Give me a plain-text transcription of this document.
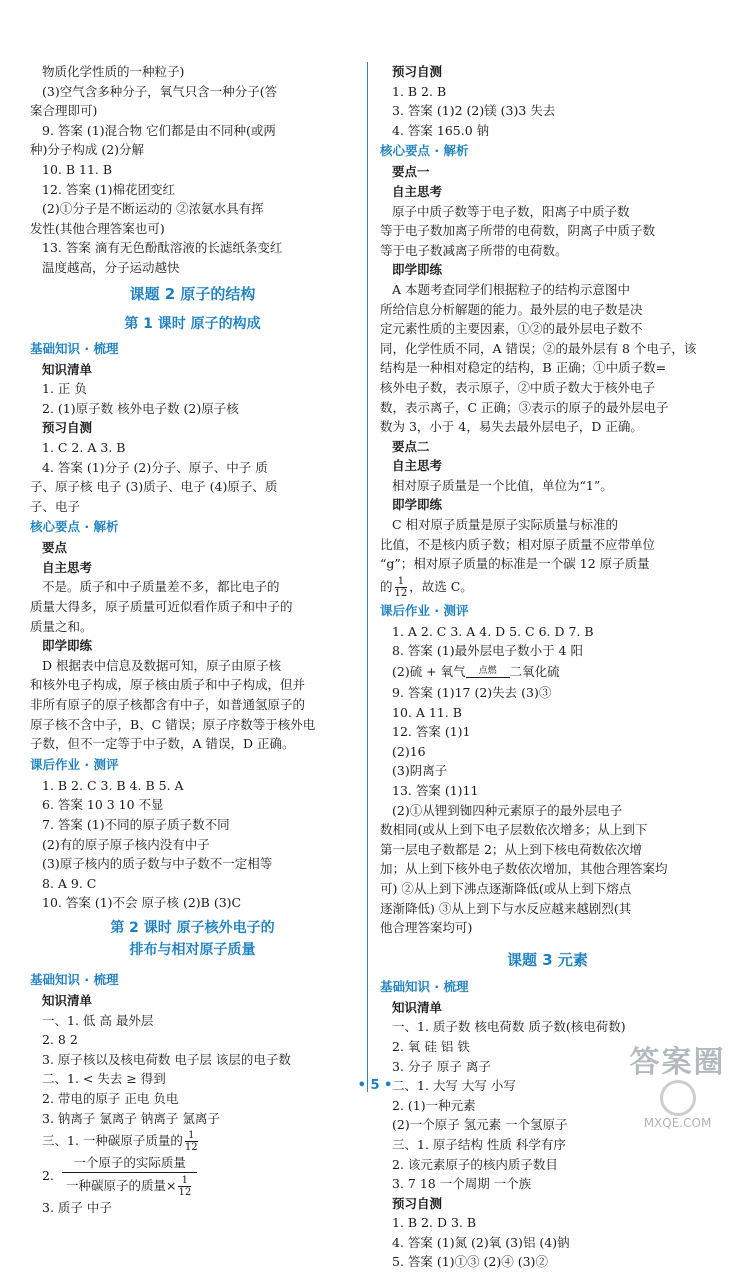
物质化学性质的一种粒子)
(3)空气含多种分子，氧气只含一种分子(答
案合理即可)
9. 答案 (1)混合物 它们都是由不同种(或两
种)分子构成 (2)分解
10. B 11. B
12. 答案 (1)棉花团变红
(2)①分子是不断运动的 ②浓氨水具有挥
发性(其他合理答案也可)
13. 答案 滴有无色酚酞溶液的长滤纸条变红
温度越高，分子运动越快
课题 2 原子的结构
第 1 课时 原子的构成
基础知识 · 梳理
知识清单
1. 正 负
2. (1)原子数 核外电子数 (2)原子核
预习自测
1. C 2. A 3. B
4. 答案 (1)分子 (2)分子、原子、中子 质
子、原子核 电子 (3)质子、电子 (4)原子、质
子、电子
核心要点 · 解析
要点
自主思考
不是。质子和中子质量差不多，都比电子的
质量大得多，原子质量可近似看作质子和中子的
质量之和。
即学即练
D 根据表中信息及数据可知，原子由原子核
和核外电子构成，原子核由质子和中子构成，但并
非所有原子的原子核都含有中子，如普通氢原子的
原子核不含中子，B、C 错误；原子序数等于核外电
子数，但不一定等于中子数，A 错误，D 正确。
课后作业 · 测评
1. B 2. C 3. B 4. B 5. A
6. 答案 10 3 10 不显
7. 答案 (1)不同的原子质子数不同
(2)有的原子原子核内没有中子
(3)原子核内的质子数与中子数不一定相等
8. A 9. C
10. 答案 (1)不会 原子核 (2)B (3)C
第 2 课时 原子核外电子的
排布与相对原子质量
基础知识 · 梳理
知识清单
一、1. 低 高 最外层
2. 8 2
3. 原子核以及核电荷数 电子层 该层的电子数
二、1. < 失去 ≥ 得到
2. 带电的原子 正电 负电
3. 钠离子 氯离子 钠离子 氯离子
三、1. 一种碳原子质量的 $\frac{1}{12}$
2.
一个原子的实际质量
一种碳原子的质量× $\frac{1}{12}$
3. 质子 中子
预习自测
1. B 2. B
3. 答案 (1)2 (2)镁 (3)3 失去
4. 答案 165.0 钠
核心要点 · 解析
要点一
自主思考
原子中质子数等于电子数，阳离子中质子数
等于电子数加离子所带的电荷数，阴离子中质子数
等于电子数减离子所带的电荷数。
即学即练
A 本题考查同学们根据粒子的结构示意图中
所给信息分析解题的能力。最外层的电子数是决
定元素性质的主要因素，①②的最外层电子数不
同，化学性质不同，A 错误；②的最外层有 8 个电子，该
结构是一种相对稳定的结构，B 正确；①中质子数=
核外电子数，表示原子，②中质子数大于核外电子
数，表示离子，C 正确；③表示的原子的最外层电子
数为 3，小于 4，易失去最外层电子，D 正确。
要点二
自主思考
相对原子质量是一个比值，单位为“1”。
即学即练
C 相对原子质量是原子实际质量与标准的
比值，不是核内质子数；相对原子质量不应带单位
“g”；相对原子质量的标准是一个碳 12 原子质量
的 $\frac{1}{12}$ ，故选 C。
课后作业 · 测评
1. A 2. C 3. A 4. D 5. C 6. D 7. B
8. 答案 (1)最外层电子数小于 4 阳
(2)硫 + 氧气	点燃	二氧化硫
9. 答案 (1)17 (2)失去 (3)③
10. A 11. B
12. 答案 (1)1
(2)16
(3)阴离子
13. 答案 (1)11
(2)①从锂到铷四种元素原子的最外层电子
数相同(或从上到下电子层数依次增多；从上到下
第一层电子数都是 2；从上到下核电荷数依次增
加；从上到下核外电子数依次增加，其他合理答案均
可) ②从上到下沸点逐渐降低(或从上到下熔点
逐渐降低) ③从上到下与水反应越来越剧烈(其
他合理答案均可)
课题 3 元素
基础知识 · 梳理
知识清单
一、1. 质子数 核电荷数 质子数(核电荷数)
2. 氧 硅 铝 铁
3. 分子 原子 离子
二、1. 大写 大写 小写
2. (1)一种元素
(2)一个原子 氢元素 一个氢原子
三、1. 原子结构 性质 科学有序
2. 该元素原子的核内质子数目
3. 7 18 一个周期 一个族
预习自测
1. B 2. D 3. B
4. 答案 (1)氮 (2)氧 (3)铝 (4)钠
5. 答案 (1)①③ (2)④ (3)②
• 5 •
答案圈
MXQE.COM
